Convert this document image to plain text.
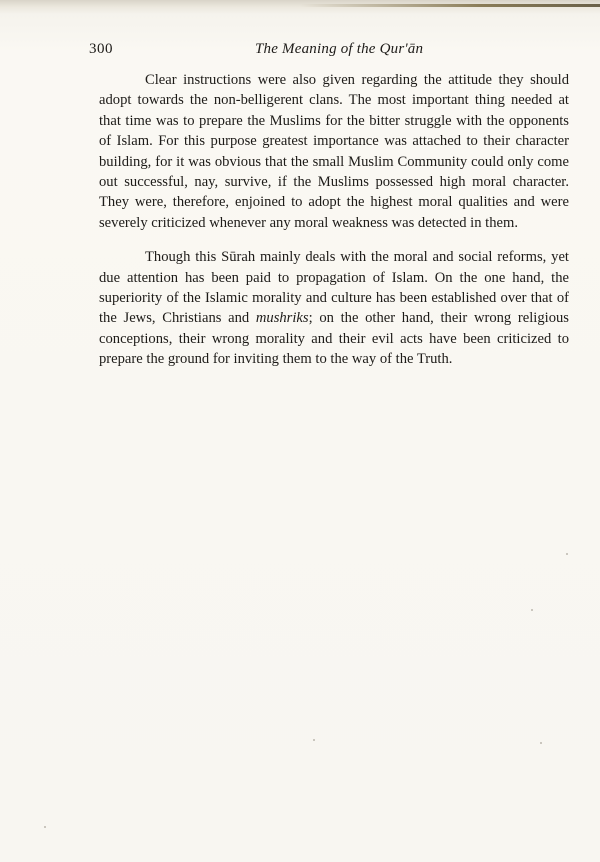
300	The Meaning of the Qur'ān

Clear instructions were also given regarding the attitude they should adopt towards the non-belligerent clans. The most important thing needed at that time was to prepare the Muslims for the bitter struggle with the opponents of Islam. For this purpose greatest importance was attached to their character building, for it was obvious that the small Muslim Community could only come out successful, nay, survive, if the Muslims possessed high moral character. They were, therefore, enjoined to adopt the highest moral qualities and were severely criticized whenever any moral weakness was detected in them.

Though this Sūrah mainly deals with the moral and social reforms, yet due attention has been paid to propagation of Islam. On the one hand, the superiority of the Islamic morality and culture has been established over that of the Jews, Christians and mushriks; on the other hand, their wrong religious conceptions, their wrong morality and their evil acts have been criticized to prepare the ground for inviting them to the way of the Truth.
